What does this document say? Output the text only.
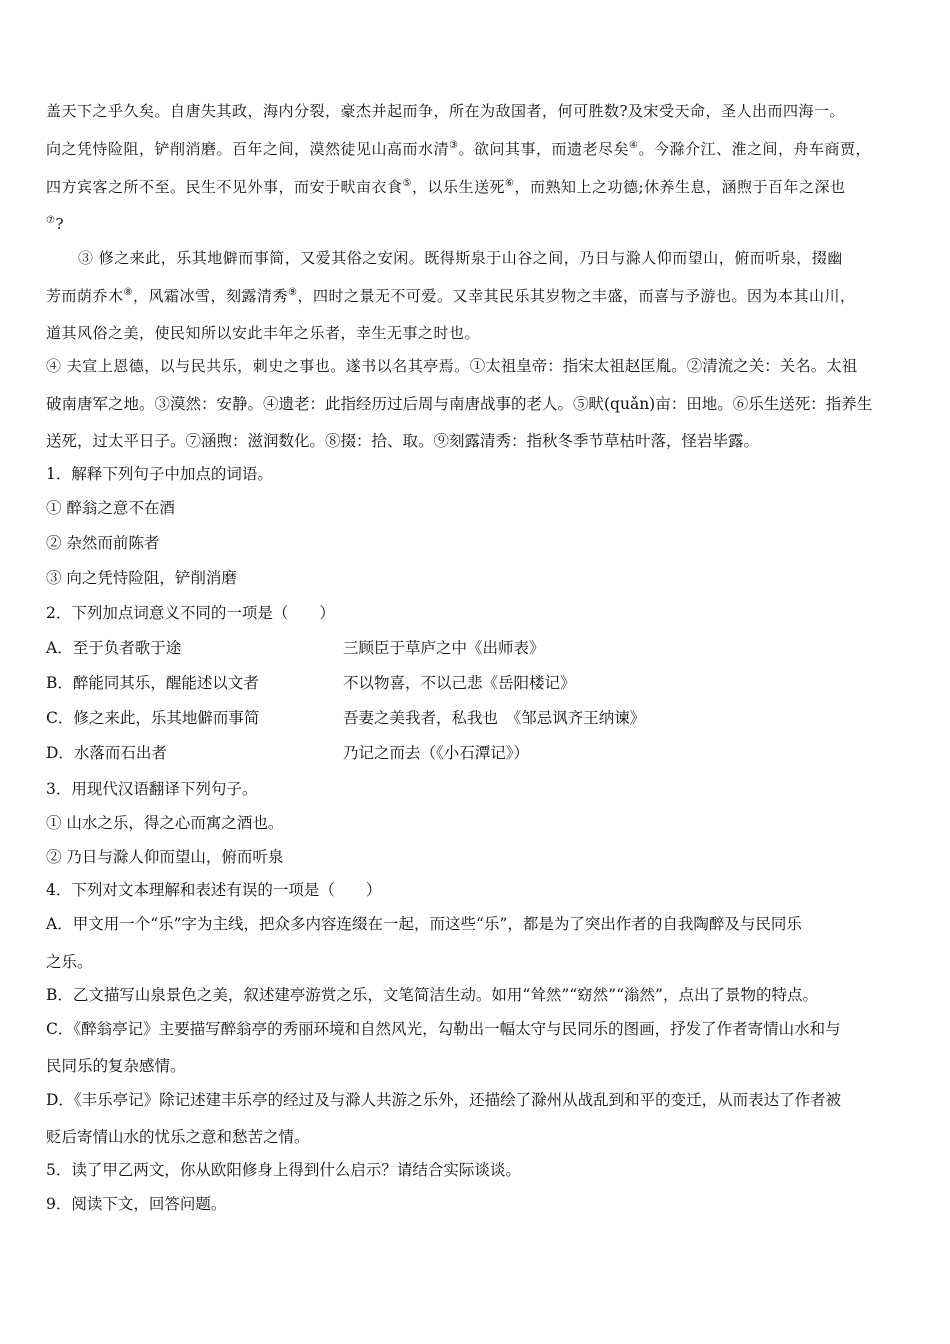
盖天下之乎久矣。自唐失其政，海内分裂，豪杰并起而争，所在为敌国者，何可胜数?及宋受天命，圣人出而四海一。
向之凭恃险阻，铲削消磨。百年之间，漠然徒见山高而水清③。欲问其事，而遗老尽矣④。今滁介江、淮之间，舟车商贾，
四方宾客之所不至。民生不见外事，而安于畎亩衣食⑤，以乐生送死⑥，而熟知上之功德;休养生息，涵煦于百年之深也
⑦?
③ 修之来此，乐其地僻而事简，又爱其俗之安闲。既得斯泉于山谷之间，乃日与滁人仰而望山，俯而听泉，掇幽
芳而荫乔木⑧，风霜冰雪，刻露清秀⑨，四时之景无不可爱。又幸其民乐其岁物之丰盛，而喜与予游也。因为本其山川，
道其风俗之美，使民知所以安此丰年之乐者，幸生无事之时也。
④ 夫宣上恩德，以与民共乐，刺史之事也。遂书以名其亭焉。①太祖皇帝：指宋太祖赵匡胤。②清流之关：关名。太祖
破南唐军之地。③漠然：安静。④遗老：此指经历过后周与南唐战事的老人。⑤畎(quǎn)亩：田地。⑥乐生送死：指养生
送死，过太平日子。⑦涵煦：滋润数化。⑧掇：拾、取。⑨刻露清秀：指秋冬季节草枯叶落，怪岩毕露。
1．解释下列句子中加点的词语。
① 醉翁之意不在酒
② 杂然而前陈者
③ 向之凭恃险阻，铲削消磨
2．下列加点词意义不同的一项是（　　）
A．至于负者歌于途	三顾臣于草庐之中《出师表》
B．醉能同其乐，醒能述以文者	不以物喜，不以己悲《岳阳楼记》
C．修之来此，乐其地僻而事简	吾妻之美我者，私我也　《邹忌讽齐王纳谏》
D．水落而石出者	乃记之而去（《小石潭记》）
3．用现代汉语翻译下列句子。
① 山水之乐，得之心而寓之酒也。
② 乃日与滁人仰而望山，俯而听泉
4．下列对文本理解和表述有误的一项是（　　）
A．甲文用一个“乐”字为主线，把众多内容连缀在一起，而这些“乐”，都是为了突出作者的自我陶醉及与民同乐
之乐。
B．乙文描写山泉景色之美，叙述建亭游赏之乐，文笔简洁生动。如用“耸然”“窈然”“滃然”，点出了景物的特点。
C．《醉翁亭记》主要描写醉翁亭的秀丽环境和自然风光，勾勒出一幅太守与民同乐的图画，抒发了作者寄情山水和与
民同乐的复杂感情。
D．《丰乐亭记》除记述建丰乐亭的经过及与滁人共游之乐外，还描绘了滁州从战乱到和平的变迁，从而表达了作者被
贬后寄情山水的忧乐之意和愁苦之情。
5．读了甲乙两文，你从欧阳修身上得到什么启示？请结合实际谈谈。
9．阅读下文，回答问题。
